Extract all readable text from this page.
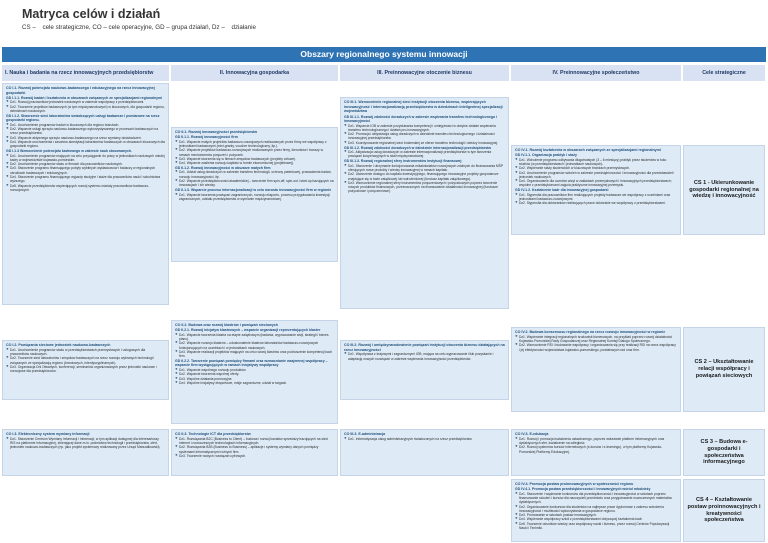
Matryca celów i działań
CS – cele strategiczne, CO – cele operacyjne, GD – grupa działań, Dz – działanie
Obszary regionalnego systemu innowacji
I. Nauka i badania na rzecz innowacyjnych przedsiębiorstw	II. Innowacyjna gospodarka	III. Preinnowacyjne otoczenie biznesu	IV. Preinnowacyjne społeczeństwo	Cele strategiczne
CO I.1. Rozwój potencjału naukowo-badawczego i edukacyjnego na rzecz innowacyjnej gospodarki
GD I.1.1. Rozwój badań i kształcenia w obszarach związanych ze specjalizacjami regionalnymi
❖ Dz1. Rozwój pracowników jednostek naukowych w zakresie współpracy z przedsiębiorcami.
❖ Dz2. Tworzenie projektów badawczych (w tym międzynarodowych) w kluczowych, dla gospodarki regionu, dziedzinach naukowych.
GD I.1.2. Stworzenie sieci laboratoriów świadczących usługi badawcze i pomiarowe na rzecz gospodarki regionu.
❖ Dz1. Uruchomienie programów badań w kluczowych dla regionu branżach.
❖ Dz2. Wsparcie usługi sprzętu naukowo-badawczego wykorzystywanego w procesach badawczych na rzecz przedsiębiorstw.
❖ Dz3. Wsparcie aktywnego sprzętu naukowo-badawczego na rzecz wymiany doświadczeń.
❖ Dz4. Wsparcie uruchomienia i zasobów akredytacji laboratoriów badawczych w obszarach kluczowych dla gospodarki regionu.
GD I.1.3 Wzmocnienie potencjału kadrowego w zakresie nauk stosowanych.
❖ Dz1. Uruchomienie programów mających na celu przyciąganie do pracy w jednostkach naukowych młodej kadry w województwie kujawsko-pomorskim.
❖ Dz2. Uruchomienie programów stażu w firmach dla pracowników naukowych.
❖ Dz3. Stworzenie programu finansującego pobyty wybitnych wykładowców i badaczy w regionalnych ośrodkach badawczych i edukacyjnych.
❖ Dz4. Stworzenie programu finansującego wyjazdy studyjne i staże dla pracowników nauki i szkolnictwa wyższego.
❖ Dz5. Wsparcie przedsiębiorstw wspierających rozwój systemu oświaty pracowników badawczo-rozwojowych.
CO II.1. Rozwój innowacyjności przedsiębiorstw
GD II.1.1. Rozwój innowacyjności firm
❖ Dz1. Wsparcie małych projektów badawczo-rozwojowych realizowanych przez firmy we współpracy z jednostkami badawczymi (mini-granty, voucher technologiczny, itp.).
❖ Dz2. Wsparcie projektów badawczo-rozwojowych realizowanych przez firmy, kierunków i transzy w ramach mechanizmów poręczeń i pożyczek.
❖ Dz3. Wsparcie tworzenia się w firmach zespołów badawczych (projekty celowe).
❖ Dz4. Wsparcie zasilenia rozwoju kapitału w formie ekonomicznej (projektowej).
GD II.1.2. Rozwój innowacyjności w obszarze małych firm
❖ Dz1. Udział usług doradczych w zakresie transferu technologii, ochrony patentowej, prowadzenia badań, rozwoju innowacyjności, itp.
❖ Dz2. Wsparcie przedsiębiorczości akademickiej – tworzenie firm spin-off, spin-out i start-up bazujących na innowacjach i ich wiedzy.
GD II.1.3. Wsparcie procesu internacjonalizacji w celu wzrostu innowacyjności firm w regionie
❖ Dz1. Wsparcie tworzenia powiązań zagranicznych, rozwoju eksportu, procesu przygotowania inwestycji zagranicznych, udziału przedsiębiorstw w wymianie międzynarodowej.
CO III.1. Wzmocnienie regionalnej sieci instytucji otoczenia biznesu, wspierających innowacyjność i internacjonalizację przedsiębiorstw w dziedzinach inteligentnej specjalizacji województwa
GD III.1.1. Rozwój zdolności doradczych w zakresie wspierania transferu technologicznego i innowacyjności
❖ Dz1. Wsparcie IOB w zakresie pozyskiwania kompetencji i umiejętności w obrębie działań wspierania transferu technologicznego i działań pro-innowacyjnych.
❖ Dz2. Promocja i aktywizacja usług doradczych w dziedzinie transferu technologicznego i działalności innowacyjnej przedsiębiorstw.
❖ Dz3. Koordynowanie regionalnej sieci brokerskiej ze sferze transferu technologii i wiedzy innowacyjnej.
GD III.1.2. Rozwój zdolności doradczych w dziedzinie internacjonalizacji przedsiębiorstw
❖ Dz1. Aktywizacja usług doradczych w zakresie internacjonalizacji przedsiębiorstw w tym tworzenia powiązań kooperacyjnych w skali międzynarodowej.
GD III.1.3. Rozwój regionalnej sfery instrumentów instytucji finansowej
❖ Dz1. Stworzenie i utrzymanie funkcjonowania mikałoświatów rozwojowych zdolnych do finansowania MŚP oferujących nowe produkty i wiedzy innowacyjnej w ramach kapitału.
❖ Dz2. Utworzenie dostępu do kapitału inwestycyjnego, finansującego innowacyjne projekty gospodarcze znajdujące się w fazie zalążkowej lub wdrożeniowej (fundusz kapitału zalążkowego).
❖ Dz3. Wzmocnienie regionalnej sfery instrumentów poręczeniowych i pożyczkowych poprzez tworzenie nowych produktów finansowych, przeznaczonych na finansowanie działalności innowacyjnej (fundusze pożyczkowe i poręczeniowe).
CO IV.1. Rozwój kształcenia w obszarach związanych ze specjalizacjami regionalnymi
GD IV.1.1. Organizacja praktyk i staży
❖ Dz1. Wdrożenie programu odbywania długotrwałych (3 – 6 miesięcy) praktyk przez studentów w toku studiów (w przedsiębiorstwach i jednostkach naukowych).
❖ Dz2. Wspieranie staży studenckich w kluczowych branżach przemysłowych.
❖ Dz3. Uruchomienie programów szkoleń w zakresie przedsiębiorczości i innowacyjności dla przedstawicieli jednostek naukowych.
❖ Dz4. Organizowanie dla uczniów wizyt w zakładach przemysłowych i innowacyjnych przedsiębiorstwach; wspólne z przedsiębiorcami zajęcia praktyczne innowacyjnej przemysłu.
GD IV.1.2. Kształcenie kadr dla innowacyjnej gospodarki
❖ Dz1. Stypendia dla pracowników firm realizujących projekty badawcze we współpracy z uczelniami oraz jednostkami badawczo-rozwojowymi.
❖ Dz2. Stypendia dla doktorantów realizujących prace doktorskie we współpracy z przedsiębiorstwami.
CS 1 - Ukierunkowanie gospodarki regionalnej na wiedzę i innowacyjność
CO I.2. Powiązania sieciowe jednostek naukowo-badawczych
❖ Dz1. Uruchomienie programów stażu w przedsiębiorstwach przemysłowych i usługowych dla pracowników naukowych.
❖ Dz2. Tworzenie sieci laboratoriów i zespołów badawczych na rzecz rozwoju wybranych technologii związanych ze specjalizacją regionu (branżowych, interdyscyplinarnych).
❖ Dz3. Organizacja Dni Otwartych, konferencji, seminariów organizowanych przez jednostki naukowe i rozwojowe dla przedsiębiorców.
CO II.2. Budowa oraz rozwój klastrów i powiązań sieciowych
GD II.2.1. Rozwój inicjatyw klastrowych – wsparcie organizacji reprezentujących klaster
❖ Dz1. Wsparcie tworzenia klastra na etapie zalążkowym (badania, wypracowanie wizji, strategii i biznes planu).
❖ Dz2. Wsparcie rozwoju klastrów – udoskonalenie klastrów laboratoriów badawczo-rozwojowych funkcjonujących na uczelniach i w jednostkach naukowych.
❖ Dz3. Wsparcie realizacji projektów mających na celu rozwój klastrów oraz podnoszenie kompetencji kadr firm.
GD II.2.2. Tworzenie powiązań pomiędzy firmami oraz wzmacnianie wzajemnej współpracy – wsparcie firm występujących w ramach inicjatywy współpracy
❖ Dz1. Wsparcie wspólnego rozwoju produktów.
❖ Dz2. Wsparcie tworzenia wspólnej oferty.
❖ Dz3. Wspólne działania promocyjne.
❖ Dz4. Wspólne inicjatywy eksportowe, misje zagraniczne, udział w targach.
CO III.2. Rozwój i umiędzynarodowienie powiązań instytucji otoczenia biznesu działających na rzecz innowacyjności
❖ Dz1. Współpraca z krajowymi i zagranicznymi IOB, mająca na celu wypracowanie i/lub pozyskanie i adaptację nowych rozwiązań w zakresie wspierania innowacyjności przedsiębiorstw.
CO IV.2. Budowa konsensusu regionalnego na rzecz rozwoju innowacyjności w regionie
❖ Dz1. Wspieranie integracji regionalnych środowisk biznesowych, na przykład poprzez rozwój działalności Kujawsko-Pomorskiej Rady Gospodarczej oraz Regionalnej Komisji Dialogu Społecznego.
❖ Dz2. Wzmocnienie RSI i budowanie współpracy i organizowania się przy realizacji RSI na rzecz współpracy i jej efektywności województwa kujawsko-pomorskiego, powiatowych rad oraz firm.
CS 2 – Ukształtowanie relacji współpracy i powiązań sieciowych
CO I.3. Elektroniczny system wymiany informacji
❖ Dz1. Stworzenie Centrum Wymiany Informacji i Informacji, w tym aplikacji dostępnej dla interesariuszy RIS na platformie informacyjnej, zbierającej dane m.in. podmiotów technologii i przedsiębiorstw, ofert, jednostek naukowo-badawczych (np. jako projekt systemowy realizowany przez Urząd Marszałkowski).
CO II.3. Technologie ICT dla przedsiębiorstw
❖ Dz1. Rozwiązania B2C (Business to Client) – budowa i rozwój kanałów sprzedaży bazujących na sieci internet i nowoczesnych technologiach informacyjnych.
❖ Dz2. Rozwiązania B2B (Business to Business) – aplikacje i systemy wymiany danych pomiędzy systemami informatycznymi różnych firm.
❖ Dz3. Tworzenie nowych rozwiązań cyfrowych.
CO III.3. E-administracja
❖ Dz1. Informatyzacja usług administracyjnych świadczonych na rzecz przedsiębiorstw.
CO IV.3. E-edukacja
❖ Dz1. Rozwój i promocja kształcenia ustawicznego, poprzez wdrażanie platform informacyjnych oraz dydaktycznych sfer, kształcenie na odległość.
❖ Dz2. Rozwój systemów kursów internetowych (e-kursów i e-learningu), w tym platformy Kujawsko-Pomorskiej Platformy Edukacyjnej.
CS 3 – Budowa e-gospodarki i społeczeństwa informacyjnego
CO IV.4. Promocja postaw proinnowacyjnych w społeczności regionu
GD IV.4.1. Promocja postaw przedsiębiorczości i innowacyjnych wśród młodzieży
❖ Dz1. Stworzenie i wspieranie konkursów dla przedsiębiorczości i innowacyjności w szkołach poprzez finansowanie szkoleń i kursów dla nauczycieli przedmiotu oraz przygotowanie nowoczesnych materiałów dydaktycznych.
❖ Dz2. Organizowanie konkursów dla studentów na najlepsze prace dyplomowe z zakresu wdrożenia innowacyjności i możliwości wykorzystania w gospodarce regionu.
❖ Dz3. Promowanie w szkołach postaw innowacyjnych.
❖ Dz4. Wspieranie współpracy szkół z przedsiębiorstwami dotyczącej kształcenia kadr.
❖ Dz5. Tworzenie ośrodków wiedzy oraz współpracy nauki i biznesu, przez rozwój Centrów Popularyzacji Nauki i Techniki.
CS 4 – Kształtowanie postaw proinnowacyjnych i kreatywności społeczeństwa
